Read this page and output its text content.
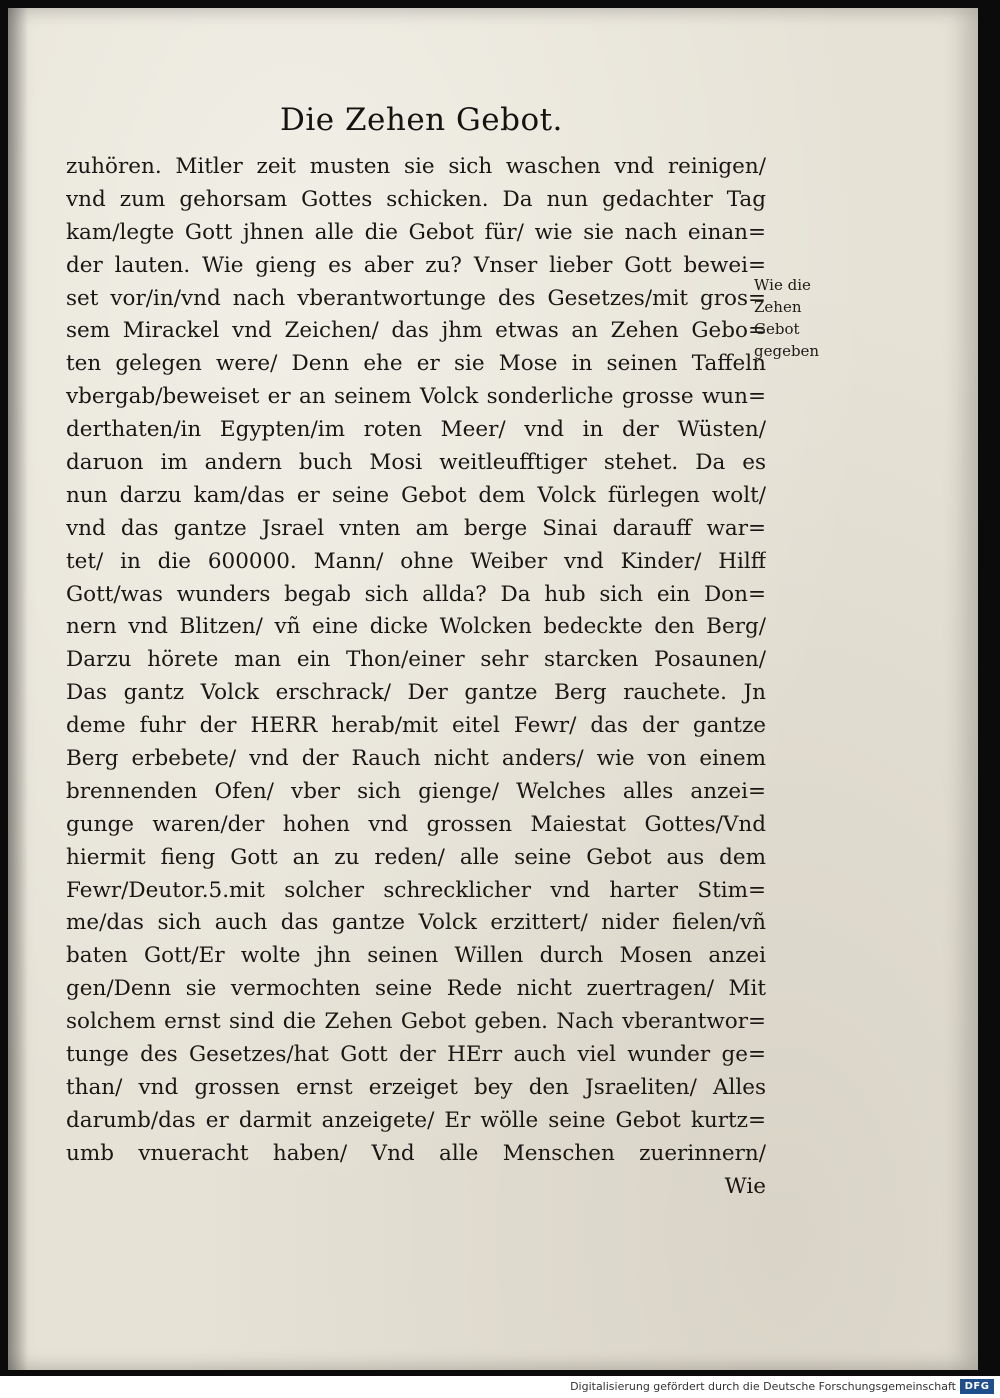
Die Zehen Gebot.
zuhören. Mitler zeit musten sie sich waschen vnd reinigen/
vnd zum gehorsam Gottes schicken. Da nun gedachter Tag
kam/legte Gott jhnen alle die Gebot für/ wie sie nach einan=
der lauten. Wie gieng es aber zu? Vnser lieber Gott bewei=
set vor/in/vnd nach vberantwortunge des Gesetzes/mit gros=
sem Mirackel vnd Zeichen/ das jhm etwas an Zehen Gebo=
ten gelegen were/ Denn ehe er sie Mose in seinen Taffeln
vbergab/beweiset er an seinem Volck sonderliche grosse wun=
derthaten/in Egypten/im roten Meer/ vnd in der Wüsten/
daruon im andern buch Mosi weitleufftiger stehet. Da es
nun darzu kam/das er seine Gebot dem Volck fürlegen wolt/
vnd das gantze Jsrael vnten am berge Sinai darauff war=
tet/ in die 600000. Mann/ ohne Weiber vnd Kinder/ Hilff
Gott/was wunders begab sich allda? Da hub sich ein Don=
nern vnd Blitzen/ vñ eine dicke Wolcken bedeckte den Berg/
Darzu hörete man ein Thon/einer sehr starcken Posaunen/
Das gantz Volck erschrack/ Der gantze Berg rauchete. Jn
deme fuhr der HERR herab/mit eitel Fewr/ das der gantze
Berg erbebete/ vnd der Rauch nicht anders/ wie von einem
brennenden Ofen/ vber sich gienge/ Welches alles anzei=
gunge waren/der hohen vnd grossen Maiestat Gottes/Vnd
hiermit fieng Gott an zu reden/ alle seine Gebot aus dem
Fewr/Deutor.5.mit solcher schrecklicher vnd harter Stim=
me/das sich auch das gantze Volck erzittert/ nider fielen/vñ
baten Gott/Er wolte jhn seinen Willen durch Mosen anzei
gen/Denn sie vermochten seine Rede nicht zuertragen/ Mit
solchem ernst sind die Zehen Gebot geben. Nach vberantwor=
tunge des Gesetzes/hat Gott der HErr auch viel wunder ge=
than/ vnd grossen ernst erzeiget bey den Jsraeliten/ Alles
darumb/das er darmit anzeigete/ Er wölle seine Gebot kurtz=
umb vnueracht haben/ Vnd alle Menschen zuerinnern/
Wie
Wie die
Zehen
Gebot
gegeben
Digitalisierung gefördert durch die Deutsche Forschungsgemeinschaft DFG
